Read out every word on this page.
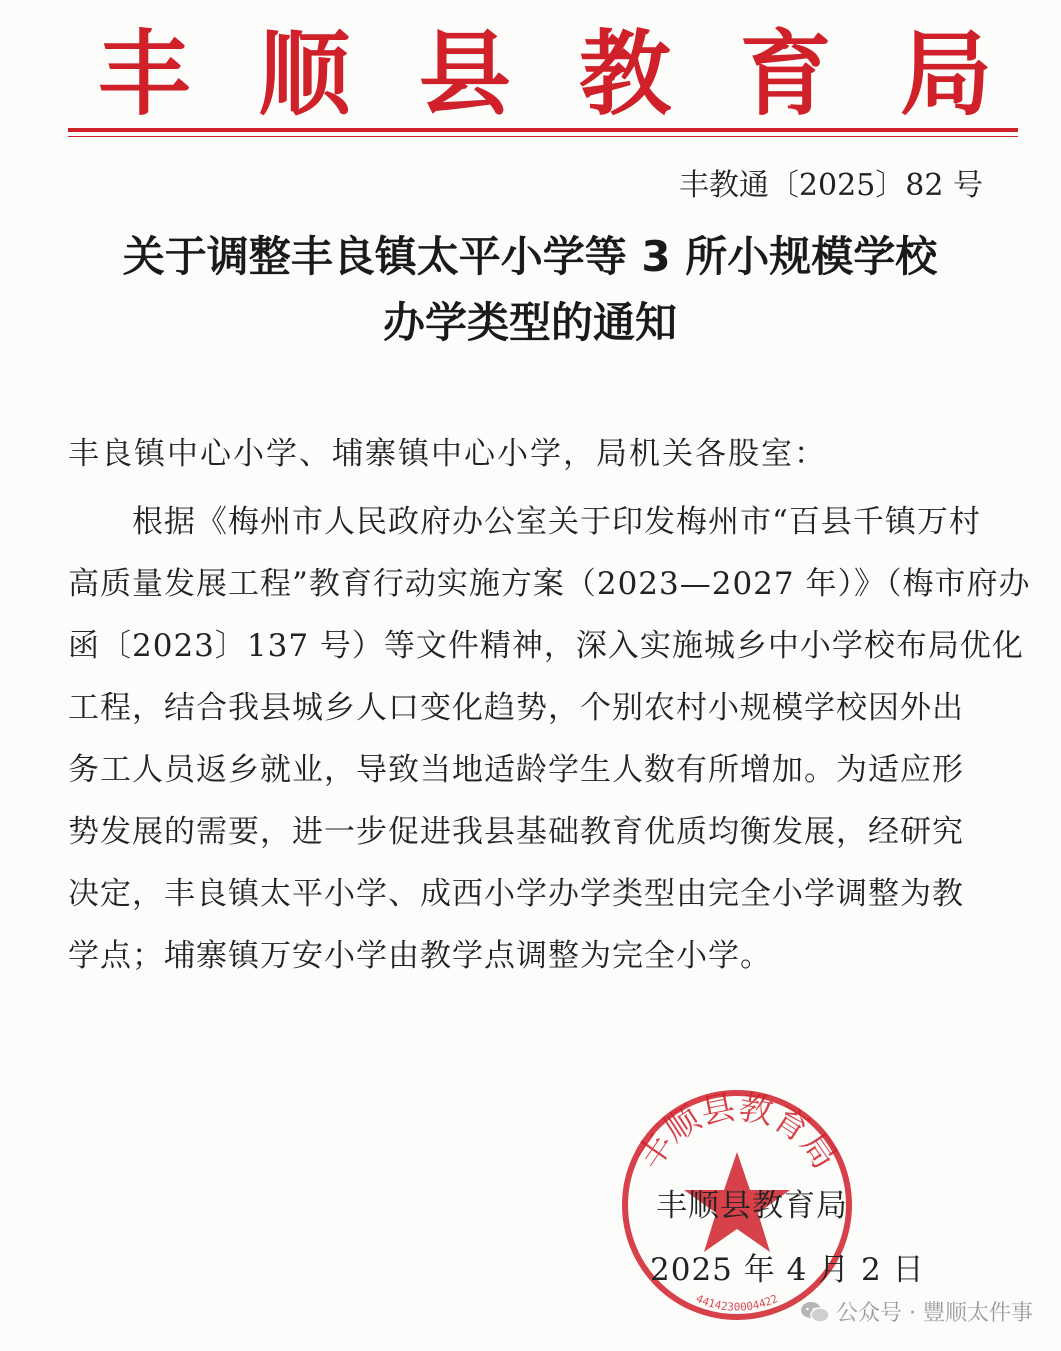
丰 顺 县 教 育 局
丰教通〔2025〕82 号
关于调整丰良镇太平小学等 3 所小规模学校
办学类型的通知
丰良镇中心小学、埔寨镇中心小学，局机关各股室：
　　根据《梅州市人民政府办公室关于印发梅州市“百县千镇万村
高质量发展工程”教育行动实施方案（2023—2027 年）》（梅市府办
函〔2023〕137 号）等文件精神，深入实施城乡中小学校布局优化
工程，结合我县城乡人口变化趋势，个别农村小规模学校因外出
务工人员返乡就业，导致当地适龄学生人数有所增加。为适应形
势发展的需要，进一步促进我县基础教育优质均衡发展，经研究
决定，丰良镇太平小学、成西小学办学类型由完全小学调整为教
学点；埔寨镇万安小学由教学点调整为完全小学。
丰顺县教育局
4414230004422
丰顺县教育局
2025 年 4 月 2 日
公众号 · 豐顺太件事
